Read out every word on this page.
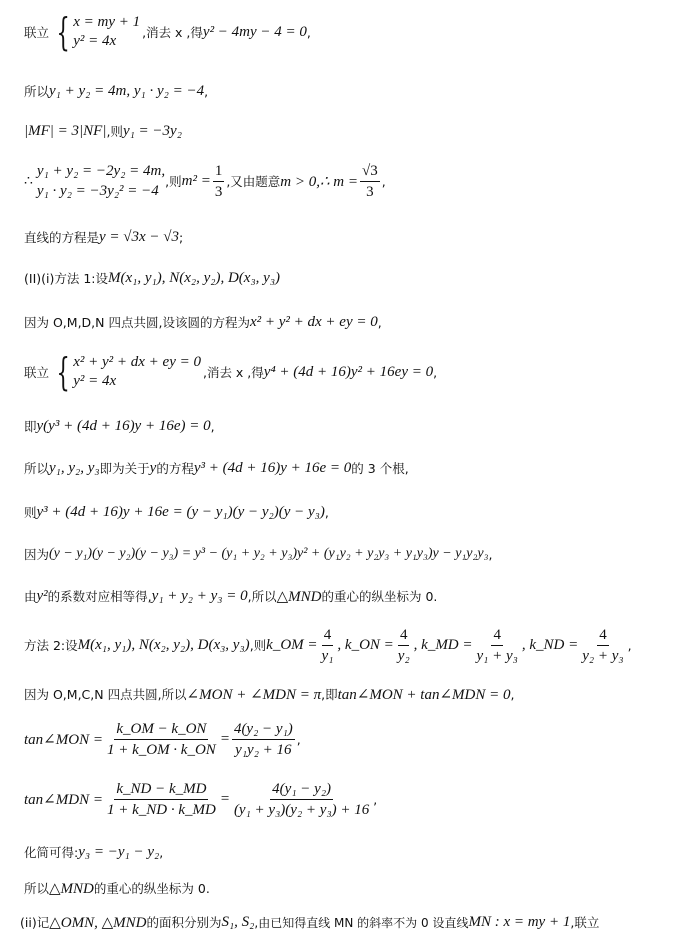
联立 { x = my + 1
y² = 4x
,消去 x ,得 y² − 4my − 4 = 0 ,
所以 y₁ + y₂ = 4m, y₁ · y₂ = −4 ,
|MF| = 3|NF| ,则 y₁ = −3y₂
∴
y₁ + y₂ = −2y₂ = 4m,
y₁ · y₂ = −3y₂² = −4
,则 $m^2 = \frac{1}{3}$ ,又由题意 m > 0,∴ $m = \frac{√3}{3}$ ,
直线的方程是 y = √3x − √3 ;
(II)(i)方法 1:设 M(x₁, y₁), N(x₂, y₂), D(x₃, y₃)
因为 O,M,D,N 四点共圆,设该圆的方程为 x² + y² + dx + ey = 0 ,
联立 { x² + y² + dx + ey = 0
y² = 4x
,消去 x ,得 y⁴ + (4d + 16)y² + 16ey = 0 ,
即 y(y³ + (4d + 16)y + 16e) = 0 ,
所以 y₁, y₂, y₃ 即为关于 y 的方程 y³ + (4d + 16)y + 16e = 0 的 3 个根,
则 y³ + (4d + 16)y + 16e = (y − y₁)(y − y₂)(y − y₃) ,
因为 (y − y₁)(y − y₂)(y − y₃) = y³ − (y₁ + y₂ + y₃)y² + (y₁y₂ + y₂y₃ + y₁y₃)y − y₁y₂y₃ ,
由 y² 的系数对应相等得, y₁ + y₂ + y₃ = 0 ,所以 △MND 的重心的纵坐标为 0.
方法 2:设 M(x₁, y₁), N(x₂, y₂), D(x₃, y₃) ,则 k_OM = $\frac{4}{\text{y₁}}$ , k_ON = $\frac{4}{\text{y₂}}$ , k_MD = $\frac{4}{\text{y₁ + y₃}}$ , k_ND = $\frac{4}{\text{y₂ + y₃}}$ ,
因为 O,M,C,N 四点共圆,所以 ∠MON + ∠MDN = π ,即 tan∠MON + tan∠MDN = 0 ,
tan∠MON = $\frac{k\_OM - k\_ON}{1 + k\_OM \cdot k\_ON} = \frac{\text{4(y₂ − y₁)}}{\text{y₁y₂ + 16}}$ ,
tan∠MDN = $\frac{k\_ND - k\_MD}{1 + k\_ND \cdot k\_MD} = \frac{\text{4(y₁ − y₂)}}{\text{(y₁ + y₃)(y₂ + y₃) + 16}}$ ,
化简可得: y₃ = −y₁ − y₂ ,
所以 △MND 的重心的纵坐标为 0.
(ii)记 △OMN, △MND 的面积分别为 S₁, S₂ ,由已知得直线 MN 的斜率不为 0 设直线 MN : x = my + 1 ,联立
